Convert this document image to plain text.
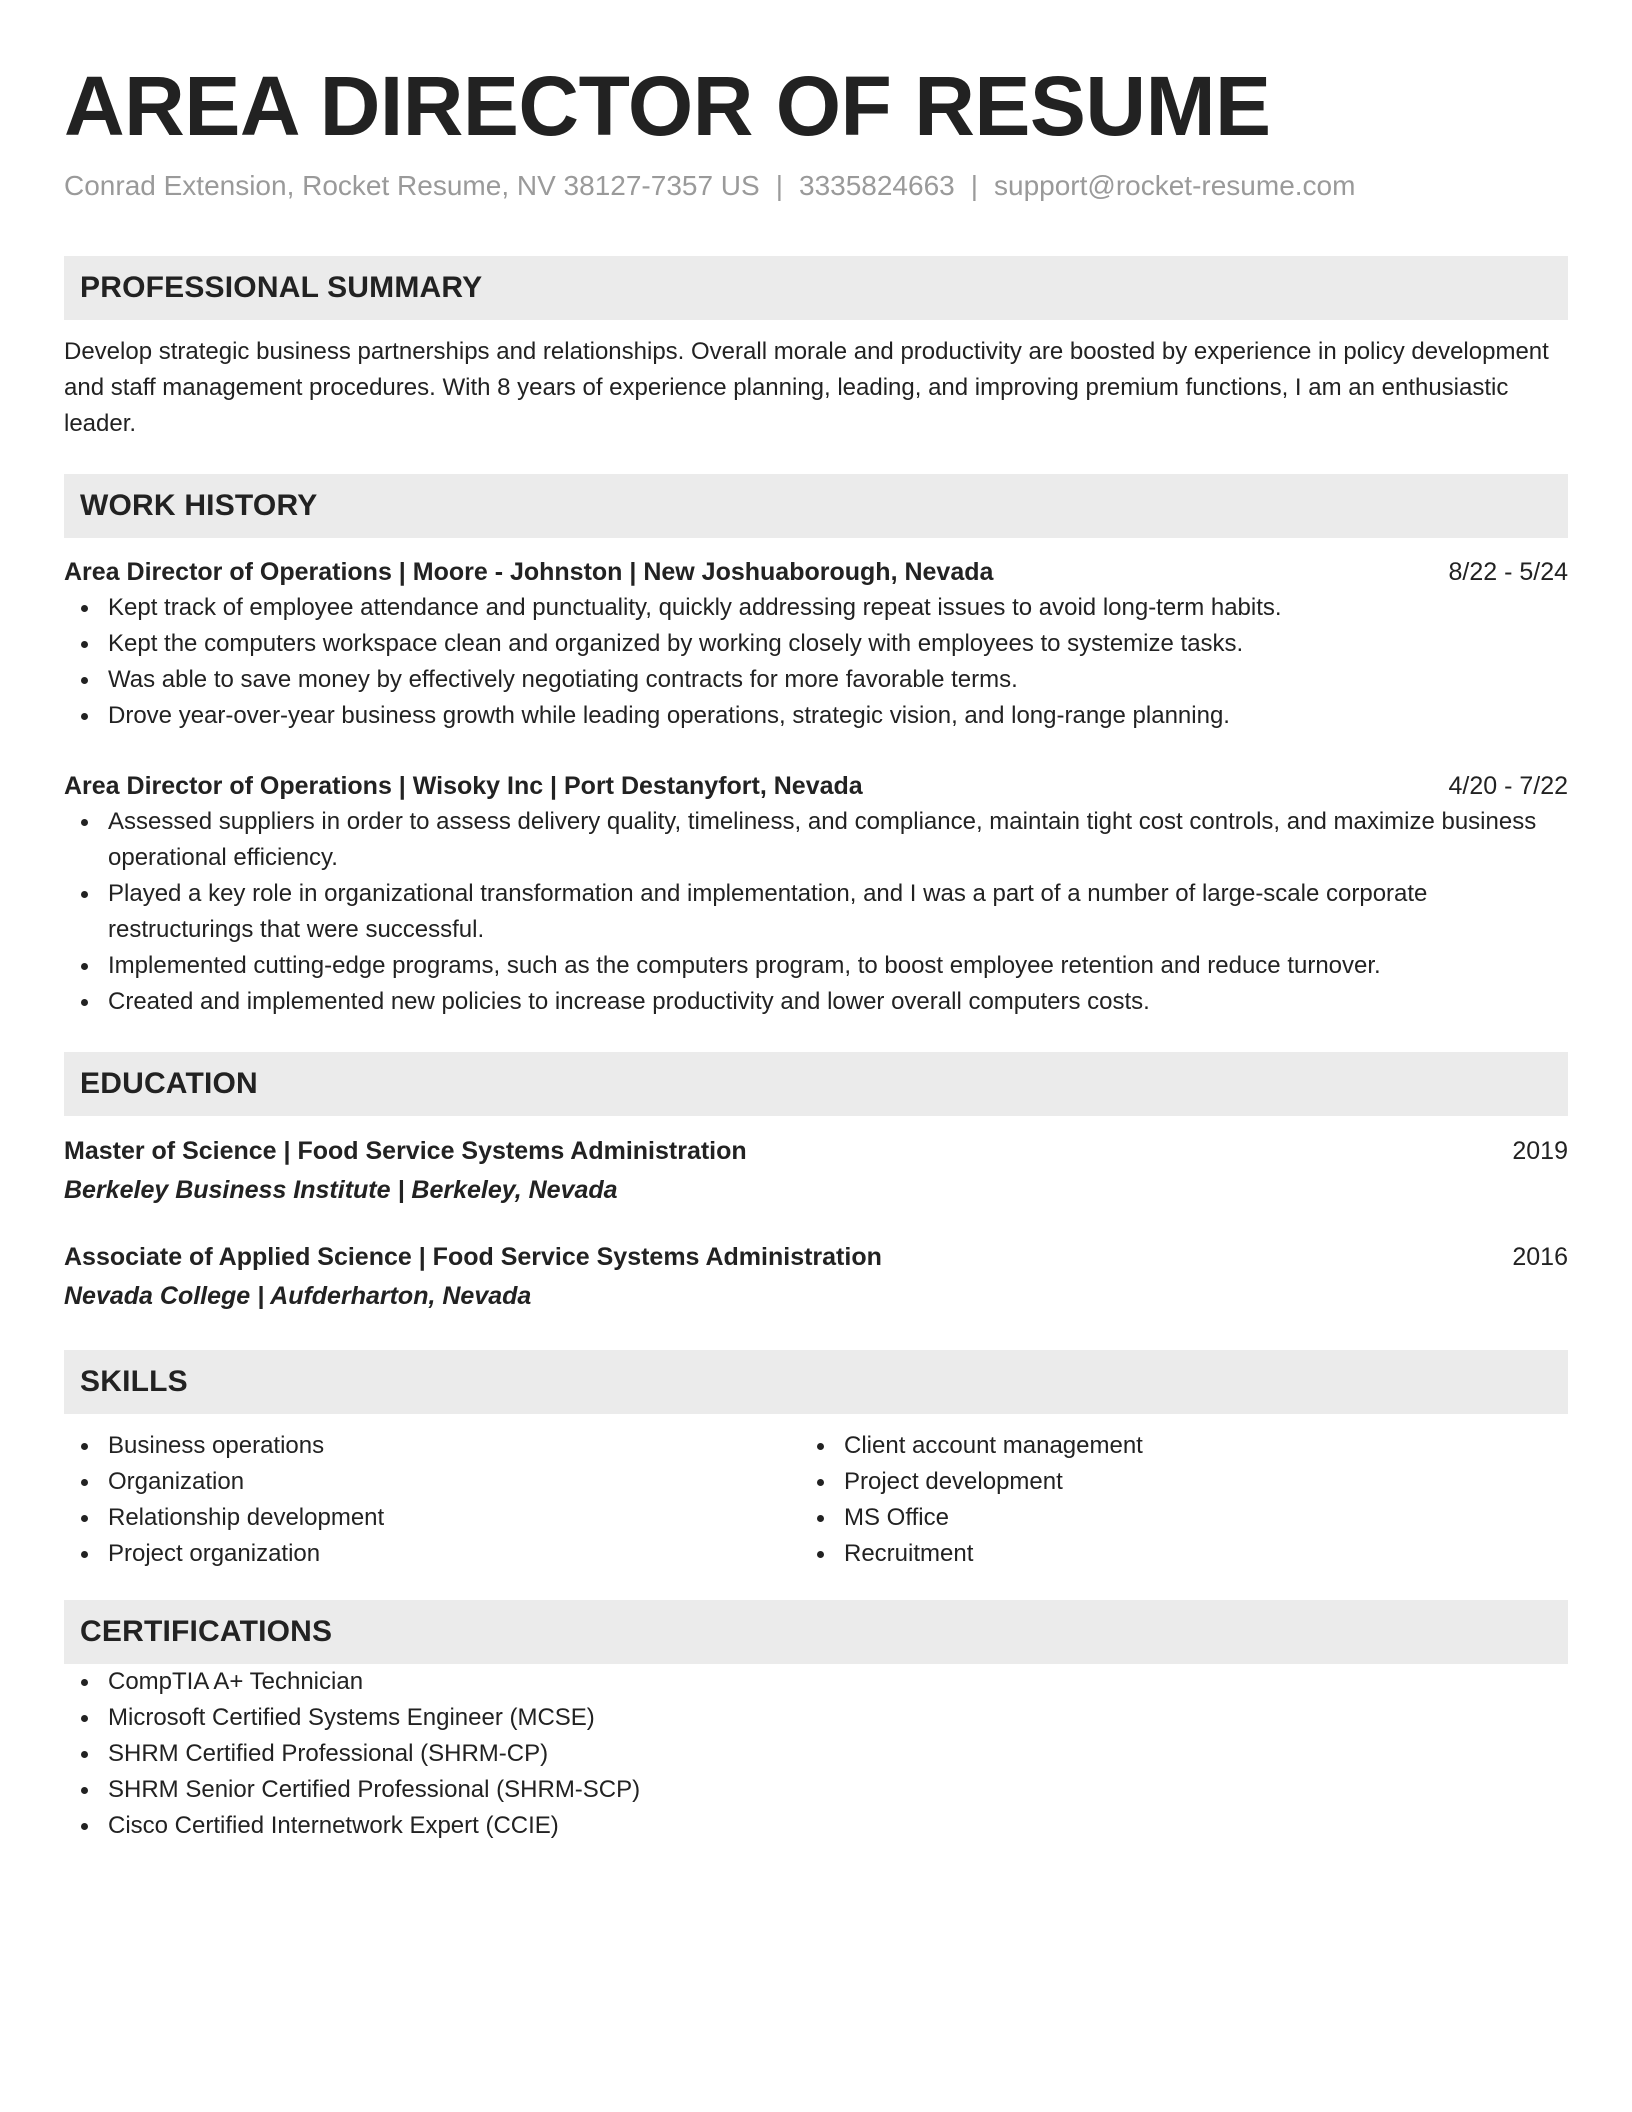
AREA DIRECTOR OF RESUME
Conrad Extension, Rocket Resume, NV 38127-7357 US | 3335824663 | support@rocket-resume.com
PROFESSIONAL SUMMARY
Develop strategic business partnerships and relationships. Overall morale and productivity are boosted by experience in policy development and staff management procedures. With 8 years of experience planning, leading, and improving premium functions, I am an enthusiastic leader.
WORK HISTORY
Area Director of Operations | Moore - Johnston | New Joshuaborough, Nevada	8/22 - 5/24
Kept track of employee attendance and punctuality, quickly addressing repeat issues to avoid long-term habits.
Kept the computers workspace clean and organized by working closely with employees to systemize tasks.
Was able to save money by effectively negotiating contracts for more favorable terms.
Drove year-over-year business growth while leading operations, strategic vision, and long-range planning.
Area Director of Operations | Wisoky Inc | Port Destanyfort, Nevada	4/20 - 7/22
Assessed suppliers in order to assess delivery quality, timeliness, and compliance, maintain tight cost controls, and maximize business operational efficiency.
Played a key role in organizational transformation and implementation, and I was a part of a number of large-scale corporate restructurings that were successful.
Implemented cutting-edge programs, such as the computers program, to boost employee retention and reduce turnover.
Created and implemented new policies to increase productivity and lower overall computers costs.
EDUCATION
Master of Science | Food Service Systems Administration	2019
Berkeley Business Institute | Berkeley, Nevada
Associate of Applied Science | Food Service Systems Administration	2016
Nevada College | Aufderharton, Nevada
SKILLS
Business operations
Organization
Relationship development
Project organization
Client account management
Project development
MS Office
Recruitment
CERTIFICATIONS
CompTIA A+ Technician
Microsoft Certified Systems Engineer (MCSE)
SHRM Certified Professional (SHRM-CP)
SHRM Senior Certified Professional (SHRM-SCP)
Cisco Certified Internetwork Expert (CCIE)
